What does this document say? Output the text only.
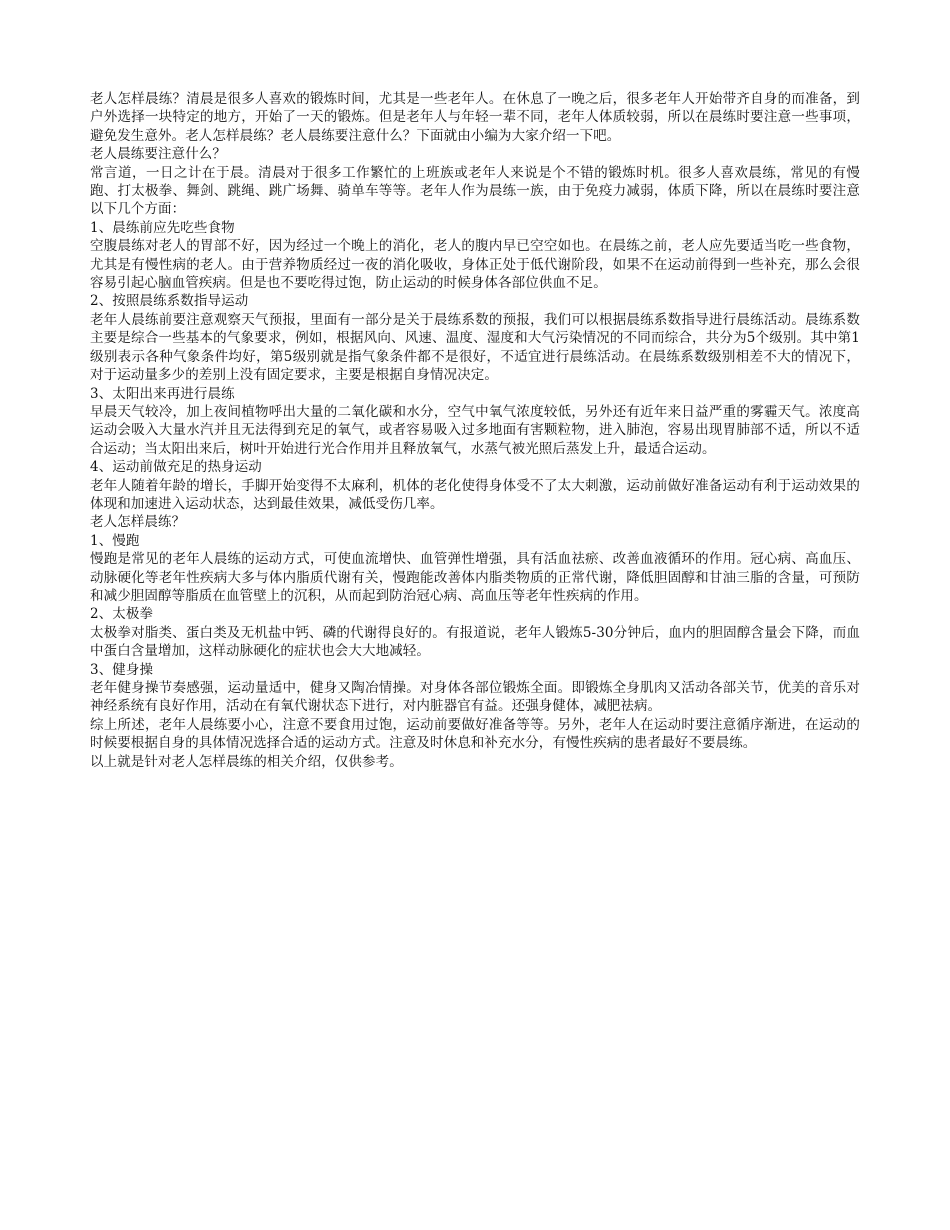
老人怎样晨练？清晨是很多人喜欢的锻炼时间，尤其是一些老年人。在休息了一晚之后，很多老年人开始带齐自身的而准备，到户外选择一块特定的地方，开始了一天的锻炼。但是老年人与年轻一辈不同，老年人体质较弱，所以在晨练时要注意一些事项，避免发生意外。老人怎样晨练？老人晨练要注意什么？下面就由小编为大家介绍一下吧。

老人晨练要注意什么？

常言道，一日之计在于晨。清晨对于很多工作繁忙的上班族或老年人来说是个不错的锻炼时机。很多人喜欢晨练，常见的有慢跑、打太极拳、舞剑、跳绳、跳广场舞、骑单车等等。老年人作为晨练一族，由于免疫力减弱，体质下降，所以在晨练时要注意以下几个方面：

1、晨练前应先吃些食物

空腹晨练对老人的胃部不好，因为经过一个晚上的消化，老人的腹内早已空空如也。在晨练之前，老人应先要适当吃一些食物，尤其是有慢性病的老人。由于营养物质经过一夜的消化吸收，身体正处于低代谢阶段，如果不在运动前得到一些补充，那么会很容易引起心脑血管疾病。但是也不要吃得过饱，防止运动的时候身体各部位供血不足。

2、按照晨练系数指导运动

老年人晨练前要注意观察天气预报，里面有一部分是关于晨练系数的预报，我们可以根据晨练系数指导进行晨练活动。晨练系数主要是综合一些基本的气象要求，例如，根据风向、风速、温度、湿度和大气污染情况的不同而综合，共分为5个级别。其中第1级别表示各种气象条件均好，第5级别就是指气象条件都不是很好，不适宜进行晨练活动。在晨练系数级别相差不大的情况下，对于运动量多少的差别上没有固定要求，主要是根据自身情况决定。

3、太阳出来再进行晨练

早晨天气较冷，加上夜间植物呼出大量的二氧化碳和水分，空气中氧气浓度较低，另外还有近年来日益严重的雾霾天气。浓度高运动会吸入大量水汽并且无法得到充足的氧气，或者容易吸入过多地面有害颗粒物，进入肺泡，容易出现胃肺部不适，所以不适合运动；当太阳出来后，树叶开始进行光合作用并且释放氧气，水蒸气被光照后蒸发上升，最适合运动。

4、运动前做充足的热身运动

老年人随着年龄的增长，手脚开始变得不太麻利，机体的老化使得身体受不了太大刺激，运动前做好准备运动有利于运动效果的体现和加速进入运动状态，达到最佳效果，减低受伤几率。

老人怎样晨练？

1、慢跑

慢跑是常见的老年人晨练的运动方式，可使血流增快、血管弹性增强，具有活血祛瘀、改善血液循环的作用。冠心病、高血压、动脉硬化等老年性疾病大多与体内脂质代谢有关，慢跑能改善体内脂类物质的正常代谢，降低胆固醇和甘油三脂的含量，可预防和减少胆固醇等脂质在血管壁上的沉积，从而起到防治冠心病、高血压等老年性疾病的作用。

2、太极拳

太极拳对脂类、蛋白类及无机盐中钙、磷的代谢得良好的。有报道说，老年人锻炼5-30分钟后，血内的胆固醇含量会下降，而血中蛋白含量增加，这样动脉硬化的症状也会大大地减轻。

3、健身操

老年健身操节奏感强，运动量适中，健身又陶冶情操。对身体各部位锻炼全面。即锻炼全身肌肉又活动各部关节，优美的音乐对神经系统有良好作用，活动在有氧代谢状态下进行，对内脏器官有益。还强身健体，减肥祛病。

综上所述，老年人晨练要小心，注意不要食用过饱，运动前要做好准备等等。另外，老年人在运动时要注意循序渐进，在运动的时候要根据自身的具体情况选择合适的运动方式。注意及时休息和补充水分，有慢性疾病的患者最好不要晨练。

以上就是针对老人怎样晨练的相关介绍，仅供参考。
